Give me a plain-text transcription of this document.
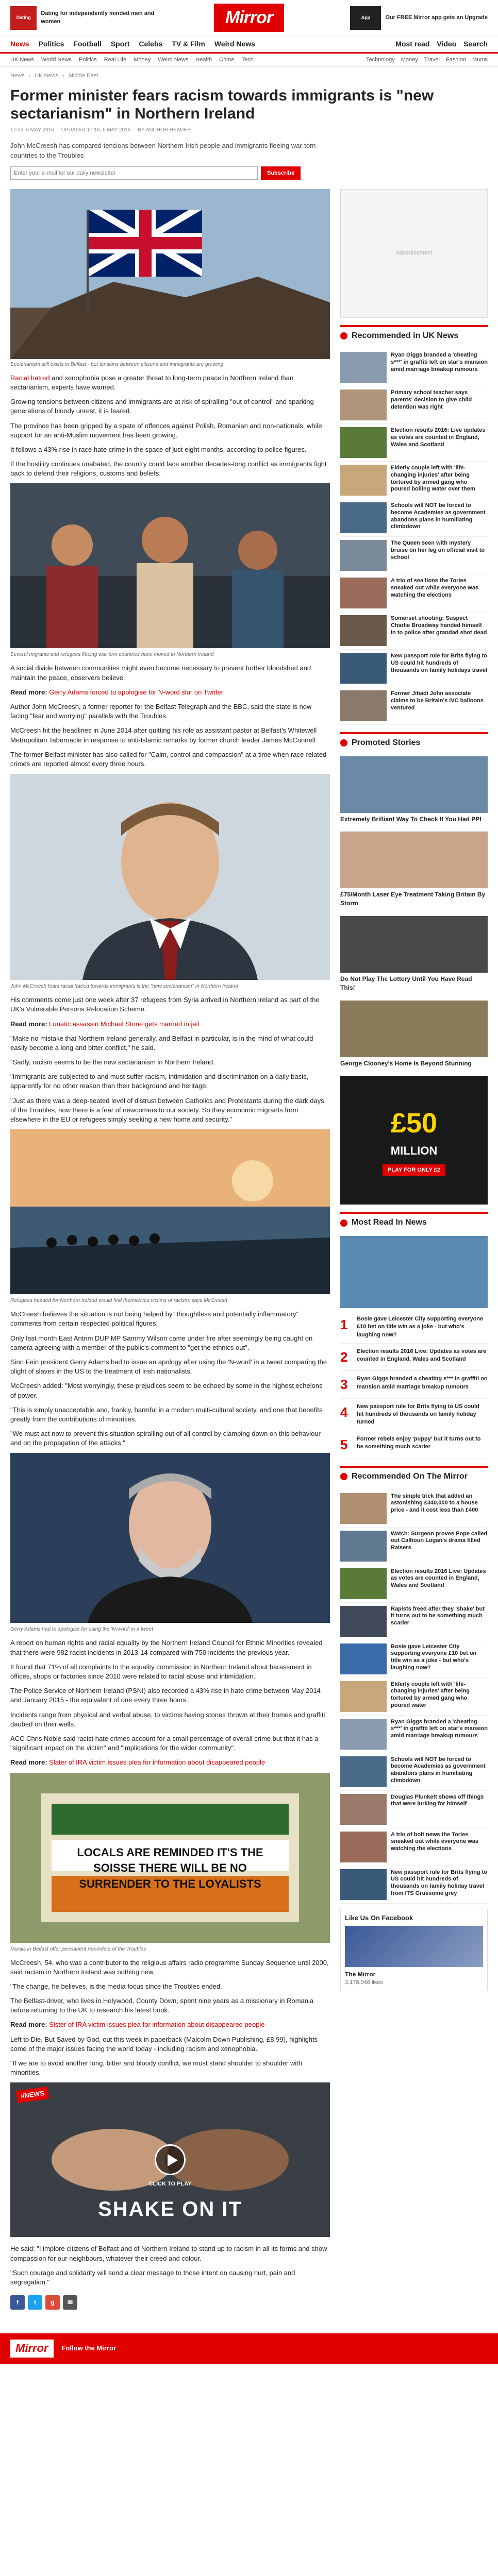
Dating
Dating for independently minded men and women	Mirror	App	Our FREE Mirror app gets an Upgrade
News Politics Football Sport Celebs TV & Film Weird News	Most read Video Search
UK News World News Politics Real Life Money Weird News Health Crime Tech	Technology Money Travel Fashion Mums
News › UK News › Middle East
Former minister fears racism towards immigrants is "new sectarianism" in Northern Ireland
17:06, 6 MAY 2016 UPDATED 17:16, 6 MAY 2016 BY ANCHOR HEADER
John McCreesh has compared tensions between Northern Irish people and immigrants fleeing war-torn countries to the Troubles
Enter your e-mail for our daily newsletter
Subscribe
Sectarianism still exists in Belfast - but tensions between citizens and immigrants are growing

Racial hatred and xenophobia pose a greater threat to long-term peace in Northern Ireland than sectarianism, experts have warned.

Growing tensions between citizens and immigrants are at risk of spiralling "out of control" and sparking generations of bloody unrest, it is feared.

The province has been gripped by a spate of offences against Polish, Romanian and non-nationals, while support for an anti-Muslim movement has been growing.

It follows a 43% rise in race hate crime in the space of just eight months, according to police figures.

If the hostility continues unabated, the country could face another decades-long conflict as immigrants fight back to defend their religions, customs and beliefs.

Several migrants and refugees fleeing war-torn countries have moved to Northern Ireland

A social divide between communities might even become necessary to prevent further bloodshed and maintain the peace, observers believe.

Read more: Gerry Adams forced to apologise for N-word slur on Twitter

Author John McCreesh, a former reporter for the Belfast Telegraph and the BBC, said the state is now facing "fear and worrying" parallels with the Troubles.

McCreesh hit the headlines in June 2014 after quitting his role as assistant pastor at Belfast's Whitewell Metropolitan Tabernacle in response to anti-Islamic remarks by former church leader James McConnell.

The former Belfast minister has also called for "Calm, control and compassion" at a time when race-related crimes are reported almost every three hours.

John McCreesh fears racial hatred towards immigrants is the "new sectarianism" in Northern Ireland

His comments come just one week after 37 refugees from Syria arrived in Northern Ireland as part of the UK's Vulnerable Persons Relocation Scheme.

Read more: Lunatic assassin Michael Stone gets married in jail

"Make no mistake that Northern Ireland generally, and Belfast in particular, is in the mind of what could easily become a long and bitter conflict," he said.

"Sadly, racism seems to be the new sectarianism in Northern Ireland.

"Immigrants are subjected to and must suffer racism, intimidation and discrimination on a daily basis, apparently for no other reason than their background and heritage.

"Just as there was a deep-seated level of distrust between Catholics and Protestants during the dark days of the Troubles, now there is a fear of newcomers to our society. So they economic migrants from elsewhere in the EU or refugees simply seeking a new home and security."

Refugees headed for Northern Ireland would find themselves victims of racism, says McCreesh

McCreesh believes the situation is not being helped by "thoughtless and potentially inflammatory" comments from certain respected political figures.

Only last month East Antrim DUP MP Sammy Wilson came under fire after seemingly being caught on camera agreeing with a member of the public's comment to "get the ethnics out".

Sinn Fein president Gerry Adams had to issue an apology after using the 'N-word' in a tweet comparing the plight of slaves in the US to the treatment of Irish nationalists.

McCreesh added: "Most worryingly, these prejudices seem to be echoed by some in the highest echelons of power.

"This is simply unacceptable and, frankly, harmful in a modern multi-cultural society, and one that benefits greatly from the contributions of minorities.

"We must act now to prevent this situation spiralling out of all control by clamping down on this behaviour and on the propagation of the attacks."

Gerry Adams had to apologise for using the 'N-word' in a tweet

A report on human rights and racial equality by the Northern Ireland Council for Ethnic Minorities revealed that there were 982 racist incidents in 2013-14 compared with 750 incidents the previous year.

It found that 71% of all complaints to the equality commission in Northern Ireland about harassment in offices, shops or factories since 2010 were related to racial abuse and intimidation.

The Police Service of Northern Ireland (PSNI) also recorded a 43% rise in hate crime between May 2014 and January 2015 - the equivalent of one every three hours.

Incidents range from physical and verbal abuse, to victims having stones thrown at their homes and graffiti daubed on their walls.

ACC Chris Noble said racist hate crimes account for a small percentage of overall crime but that it has a "significant impact on the victim" and "implications for the wider community".

Read more: Slater of IRA victim issues plea for information about disappeared people

LOCALS ARE REMINDED IT'S THE SOISSE THERE WILL BE NO SURRENDER TO THE LOYALISTS
Murals in Belfast offer permanent reminders of the Troubles

McCreesh, 54, who was a contributor to the religious affairs radio programme Sunday Sequence until 2000, said racism in Northern Ireland was nothing new.

"The change, he believes, is the media focus since the Troubles ended.

The Belfast-driver, who lives in Holywood, County Down, spent nine years as a missionary in Romania before returning to the UK to research his latest book.

Read more: Sister of IRA victim issues plea for information about disappeared people

Left to Die, But Saved by God, out this week in paperback (Malcolm Down Publishing, £8.99), highlights some of the major issues facing the world today - including racism and xenophobia.

"If we are to avoid another long, bitter and bloody conflict, we must stand shoulder to shoulder with minorities.

#NEWS
CLICK TO PLAY
SHAKE ON IT

He said: "I implore citizens of Belfast and of Northern Ireland to stand up to racism in all its forms and show compassion for our neighbours, whatever their creed and colour.

"Such courage and solidarity will send a clear message to those intent on causing hurt, pain and segregation."

f	t	g	✉
Advertisement
Recommended in UK News
Ryan Giggs branded a 'cheating s***' in graffiti left on star's mansion amid marriage breakup rumours
Primary school teacher says parents' decision to give child detention was right
Election results 2016: Live updates as votes are counted in England, Wales and Scotland
Elderly couple left with 'life-changing injuries' after being tortured by armed gang who poured boiling water over them
Schools will NOT be forced to become Academies as government abandons plans in humiliating climbdown
The Queen seen with mystery bruise on her leg on official visit to school
A trio of sea lions the Tories sneaked out while everyone was watching the elections
Somerset shooting: Suspect Charlie Broadway handed himself in to police after grandad shot dead
New passport rule for Brits flying to US could hit hundreds of thousands on family holidays travel
Former Jihadi John associate claims to be Britain's IVC balloons ventured
Promoted Stories
Extremely Brilliant Way To Check If You Had PPI
£75/Month Laser Eye Treatment Taking Britain By Storm
Do Not Play The Lottery Until You Have Read This!
George Clooney's Home Is Beyond Stunning
£50
MILLION
PLAY FOR ONLY £2
Most Read In News
1	Bosie gave Leicester City supporting everyone £10 bet on title win as a joke - but who's laughing now?
2	Election results 2016 Live: Updates as votes are counted in England, Wales and Scotland
3	Ryan Giggs branded a cheating s*** in graffiti on mansion amid marriage breakup rumours
4	New passport rule for Brits flying to US could hit hundreds of thousands on family holiday turned
5	Former rebels enjoy 'puppy' but it turns out to be something much scarier
Recommended On The Mirror
The simple trick that added an astonishing £340,000 to a house price - and it cost less than £400
Watch: Surgeon proves Pope called out Calhoun Logan's drama filled Raisers
Election results 2016 Live: Updates as votes are counted in England, Wales and Scotland
Rapists freed after they 'shake' but it turns out to be something much scarier
Bosie gave Leicester City supporting everyone £10 bet on title win as a joke - but who's laughing now?
Elderly couple left with 'life-changing injuries' after being tortured by armed gang who poured water
Ryan Giggs branded a 'cheating s***' in graffiti left on star's mansion amid marriage breakup rumours
Schools will NOT be forced to become Academies as government abandons plans in humiliating climbdown
Douglas Plunkett shows off things that were lurking for himself
A trio of bolt news the Tories sneaked out while everyone was watching the elections
New passport rule for Brits flying to US could hit hundreds of thousands on family holiday travel from ITS Gruesome grey
Like Us On Facebook
The Mirror
3,178,048 likes
Mirror	Follow the Mirror
